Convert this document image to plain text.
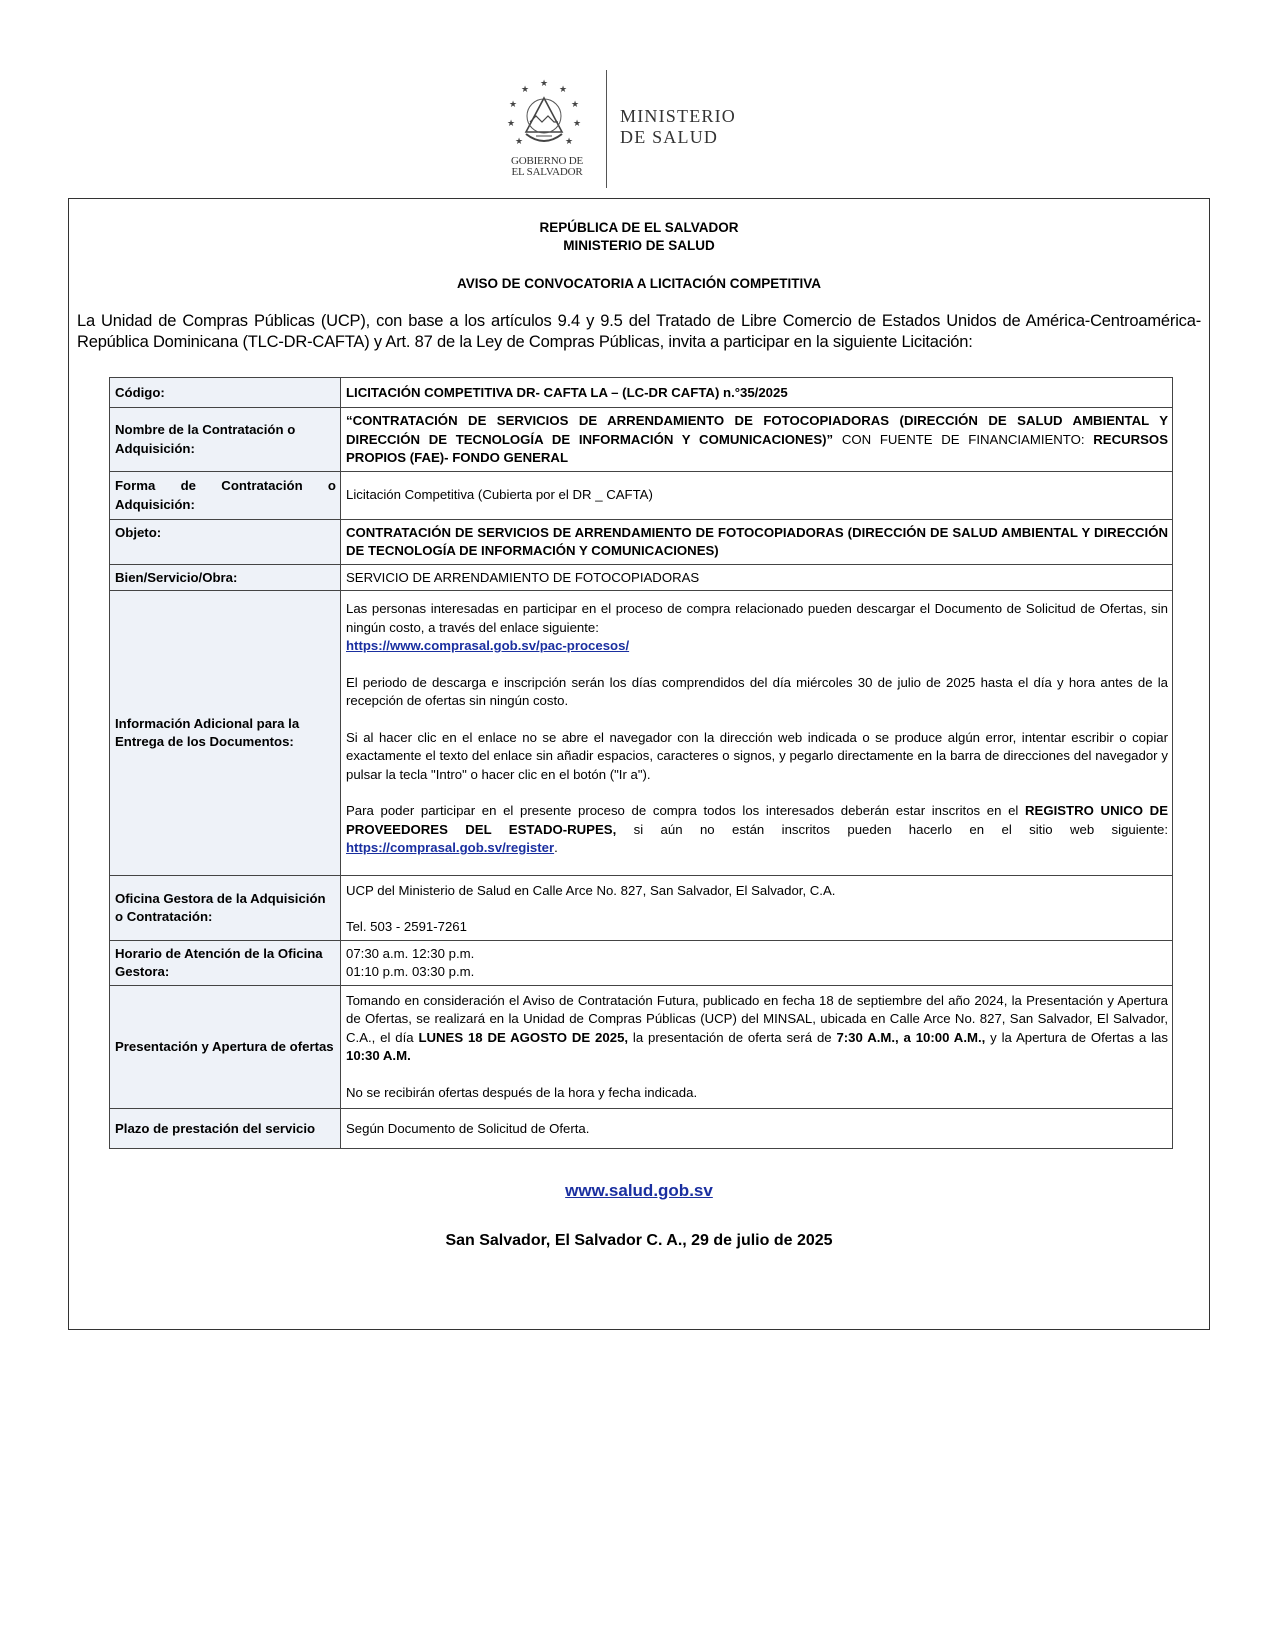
★
★
★
★
★
★
★
★
★
GOBIERNO DE
EL SALVADOR
MINISTERIO
DE SALUD
REPÚBLICA DE EL SALVADOR
MINISTERIO DE SALUD
AVISO DE CONVOCATORIA A LICITACIÓN COMPETITIVA
La Unidad de Compras Públicas (UCP), con base a los artículos 9.4 y 9.5 del Tratado de Libre Comercio de Estados Unidos de América-Centroamérica-República Dominicana (TLC-DR-CAFTA) y Art. 87 de la Ley de Compras Públicas, invita a participar en la siguiente Licitación:
Código:	LICITACIÓN COMPETITIVA DR- CAFTA LA – (LC-DR CAFTA) n.°35/2025
Nombre de la Contratación o Adquisición:	“CONTRATACIÓN DE SERVICIOS DE ARRENDAMIENTO DE FOTOCOPIADORAS (DIRECCIÓN DE SALUD AMBIENTAL Y DIRECCIÓN DE TECNOLOGÍA DE INFORMACIÓN Y COMUNICACIONES)” CON FUENTE DE FINANCIAMIENTO: RECURSOS PROPIOS (FAE)- FONDO GENERAL
Forma de Contratación o Adquisición:	Licitación Competitiva (Cubierta por el DR _ CAFTA)
Objeto:	CONTRATACIÓN DE SERVICIOS DE ARRENDAMIENTO DE FOTOCOPIADORAS (DIRECCIÓN DE SALUD AMBIENTAL Y DIRECCIÓN DE TECNOLOGÍA DE INFORMACIÓN Y COMUNICACIONES)
Bien/Servicio/Obra:	SERVICIO DE ARRENDAMIENTO DE FOTOCOPIADORAS
Información Adicional para la Entrega de los Documentos:	Las personas interesadas en participar en el proceso de compra relacionado pueden descargar el Documento de Solicitud de Ofertas, sin ningún costo, a través del enlace siguiente:
https://www.comprasal.gob.sv/pac-procesos/
El periodo de descarga e inscripción serán los días comprendidos del día miércoles 30 de julio de 2025 hasta el día y hora antes de la recepción de ofertas sin ningún costo.
Si al hacer clic en el enlace no se abre el navegador con la dirección web indicada o se produce algún error, intentar escribir o copiar exactamente el texto del enlace sin añadir espacios, caracteres o signos, y pegarlo directamente en la barra de direcciones del navegador y pulsar la tecla "Intro" o hacer clic en el botón ("Ir a").
Para poder participar en el presente proceso de compra todos los interesados deberán estar inscritos en el REGISTRO UNICO DE PROVEEDORES DEL ESTADO-RUPES, si aún no están inscritos pueden hacerlo en el sitio web siguiente: https://comprasal.gob.sv/register.

Oficina Gestora de la Adquisición o Contratación:	UCP del Ministerio de Salud en Calle Arce No. 827, San Salvador, El Salvador, C.A.
Tel. 503 - 2591-7261

Horario de Atención de la Oficina Gestora:	07:30 a.m. 12:30 p.m.
01:10 p.m. 03:30 p.m.

Presentación y Apertura de ofertas	Tomando en consideración el Aviso de Contratación Futura, publicado en fecha 18 de septiembre del año 2024, la Presentación y Apertura de Ofertas, se realizará en la Unidad de Compras Públicas (UCP) del MINSAL, ubicada en Calle Arce No. 827, San Salvador, El Salvador, C.A., el día LUNES 18 DE AGOSTO DE 2025, la presentación de oferta será de 7:30 A.M., a 10:00 A.M., y la Apertura de Ofertas a las 10:30 A.M.
No se recibirán ofertas después de la hora y fecha indicada.

Plazo de prestación del servicio	Según Documento de Solicitud de Oferta.
www.salud.gob.sv
San Salvador, El Salvador C. A., 29 de julio de 2025
